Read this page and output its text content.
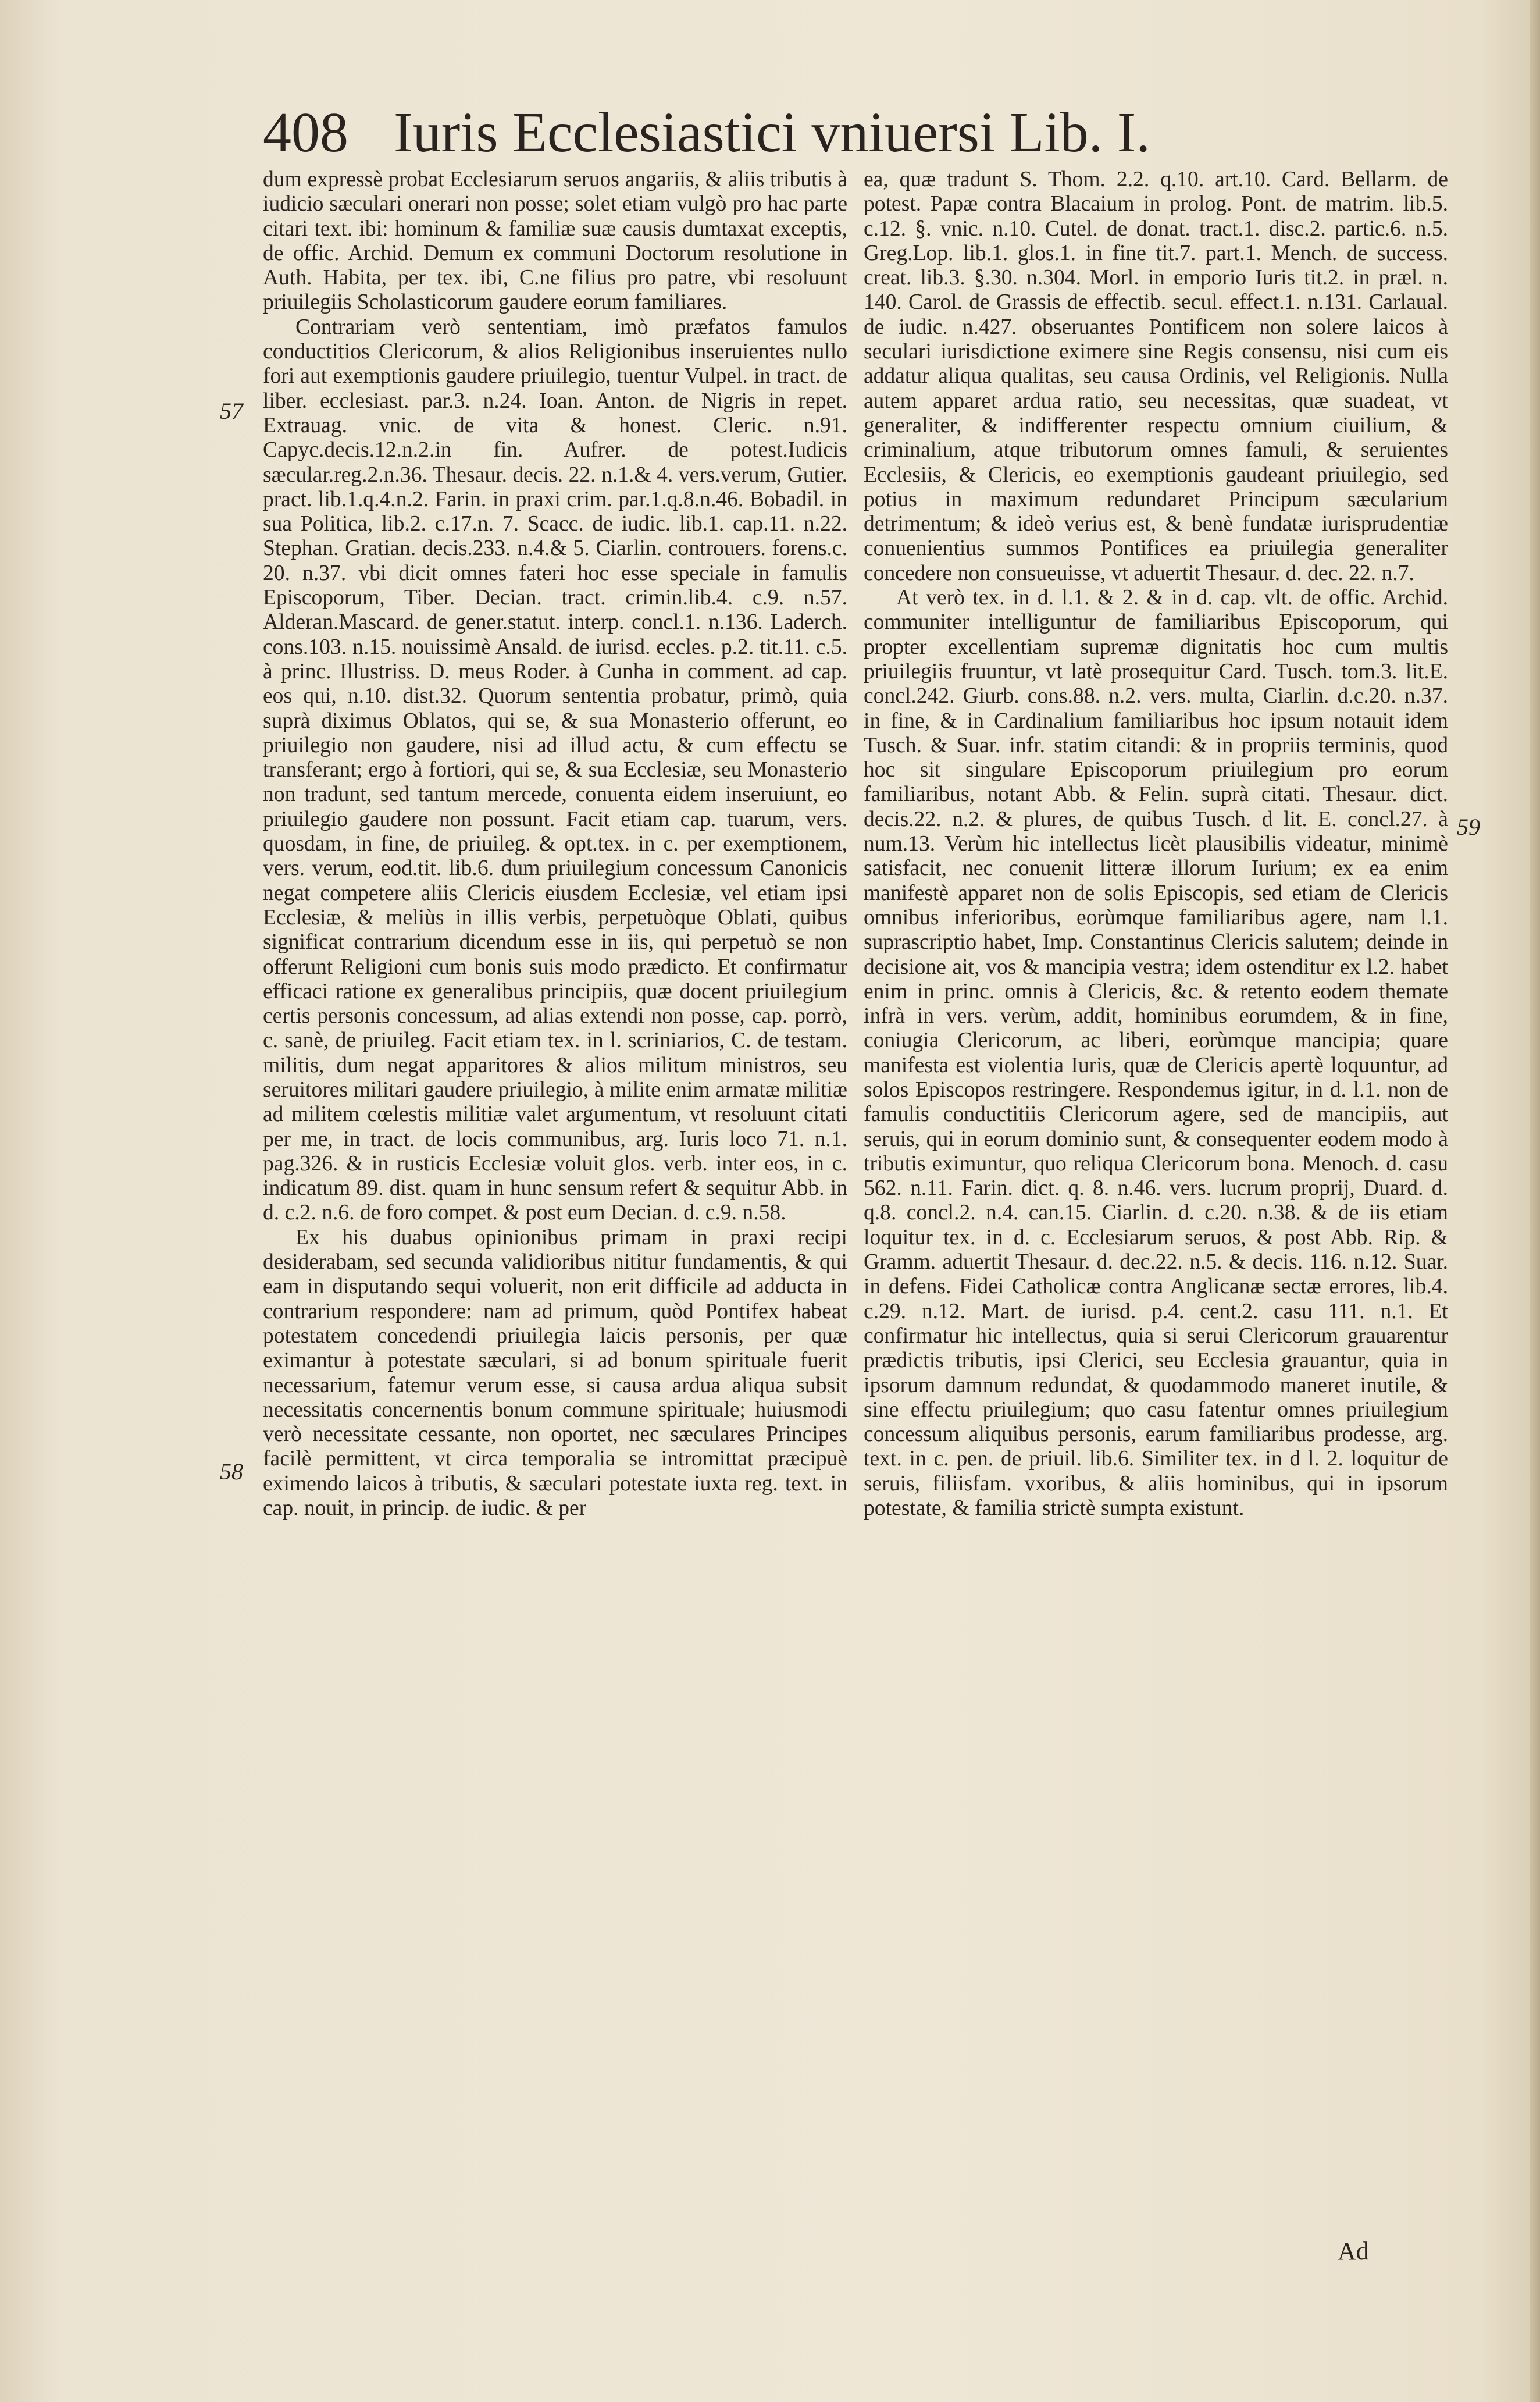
408 Iuris Ecclesiastici vniuersi Lib. I.

dum expressè probat Ecclesiarum seruos angariis, & aliis tributis à iudicio sæculari onerari non posse; solet etiam vulgò pro hac parte citari text. ibi: hominum & familiæ suæ causis dumtaxat exceptis, de offic. Archid. Demum ex communi Doctorum resolutione in Auth. Habita, per tex. ibi, C.ne filius pro patre, vbi resoluunt priuilegiis Scholasticorum gaudere eorum familiares.

Contrariam verò sententiam, imò præfatos famulos conductitios Clericorum, & alios Religionibus inseruientes nullo fori aut exemptionis gaudere priuilegio, tuentur Vulpel. in tract. de liber. ecclesiast. par.3. n.24. Ioan. Anton. de Nigris in repet. Extrauag. vnic. de vita & honest. Cleric. n.91. Capyc.decis.12.n.2.in fin. Aufrer. de potest.Iudicis sæcular.reg.2.n.36. Thesaur. decis. 22. n.1.& 4. vers.verum, Gutier. pract. lib.1.q.4.n.2. Farin. in praxi crim. par.1.q.8.n.46. Bobadil. in sua Politica, lib.2. c.17.n. 7. Scacc. de iudic. lib.1. cap.11. n.22. Stephan. Gratian. decis.233. n.4.& 5. Ciarlin. controuers. forens.c. 20. n.37. vbi dicit omnes fateri hoc esse speciale in famulis Episcoporum, Tiber. Decian. tract. crimin.lib.4. c.9. n.57. Alderan.Mascard. de gener.statut. interp. concl.1. n.136. Laderch. cons.103. n.15. nouissimè Ansald. de iurisd. eccles. p.2. tit.11. c.5. à princ. Illustriss. D. meus Roder. à Cunha in comment. ad cap. eos qui, n.10. dist.32. Quorum sententia probatur, primò, quia suprà diximus Oblatos, qui se, & sua Monasterio offerunt, eo priuilegio non gaudere, nisi ad illud actu, & cum effectu se transferant; ergo à fortiori, qui se, & sua Ecclesiæ, seu Monasterio non tradunt, sed tantum mercede, conuenta eidem inseruiunt, eo priuilegio gaudere non possunt. Facit etiam cap. tuarum, vers. quosdam, in fine, de priuileg. & opt.tex. in c. per exemptionem, vers. verum, eod.tit. lib.6. dum priuilegium concessum Canonicis negat competere aliis Clericis eiusdem Ecclesiæ, vel etiam ipsi Ecclesiæ, & meliùs in illis verbis, perpetuòque Oblati, quibus significat contrarium dicendum esse in iis, qui perpetuò se non offerunt Religioni cum bonis suis modo prædicto. Et confirmatur efficaci ratione ex generalibus principiis, quæ docent priuilegium certis personis concessum, ad alias extendi non posse, cap. porrò, c. sanè, de priuileg. Facit etiam tex. in l. scriniarios, C. de testam. militis, dum negat apparitores & alios militum ministros, seu seruitores militari gaudere priuilegio, à milite enim armatæ militiæ ad militem cœlestis militiæ valet argumentum, vt resoluunt citati per me, in tract. de locis communibus, arg. Iuris loco 71. n.1. pag.326. & in rusticis Ecclesiæ voluit glos. verb. inter eos, in c. indicatum 89. dist. quam in hunc sensum refert & sequitur Abb. in d. c.2. n.6. de foro compet. & post eum Decian. d. c.9. n.58.

Ex his duabus opinionibus primam in praxi recipi desiderabam, sed secunda validioribus nititur fundamentis, & qui eam in disputando sequi voluerit, non erit difficile ad adducta in contrarium respondere: nam ad primum, quòd Pontifex habeat potestatem concedendi priuilegia laicis personis, per quæ eximantur à potestate sæculari, si ad bonum spirituale fuerit necessarium, fatemur verum esse, si causa ardua aliqua subsit necessitatis concernentis bonum commune spirituale; huiusmodi verò necessitate cessante, non oportet, nec sæculares Principes facilè permittent, vt circa temporalia se intromittat præcipuè eximendo laicos à tributis, & sæculari potestate iuxta reg. text. in cap. nouit, in princip. de iudic. & per

ea, quæ tradunt S. Thom. 2.2. q.10. art.10. Card. Bellarm. de potest. Papæ contra Blacaium in prolog. Pont. de matrim. lib.5. c.12. §. vnic. n.10. Cutel. de donat. tract.1. disc.2. partic.6. n.5. Greg.Lop. lib.1. glos.1. in fine tit.7. part.1. Mench. de success. creat. lib.3. §.30. n.304. Morl. in emporio Iuris tit.2. in præl. n. 140. Carol. de Grassis de effectib. secul. effect.1. n.131. Carlaual. de iudic. n.427. obseruantes Pontificem non solere laicos à seculari iurisdictione eximere sine Regis consensu, nisi cum eis addatur aliqua qualitas, seu causa Ordinis, vel Religionis. Nulla autem apparet ardua ratio, seu necessitas, quæ suadeat, vt generaliter, & indifferenter respectu omnium ciuilium, & criminalium, atque tributorum omnes famuli, & seruientes Ecclesiis, & Clericis, eo exemptionis gaudeant priuilegio, sed potius in maximum redundaret Principum sæcularium detrimentum; & ideò verius est, & benè fundatæ iurisprudentiæ conuenientius summos Pontifices ea priuilegia generaliter concedere non consueuisse, vt aduertit Thesaur. d. dec. 22. n.7.

At verò tex. in d. l.1. & 2. & in d. cap. vlt. de offic. Archid. communiter intelliguntur de familiaribus Episcoporum, qui propter excellentiam supremæ dignitatis hoc cum multis priuilegiis fruuntur, vt latè prosequitur Card. Tusch. tom.3. lit.E. concl.242. Giurb. cons.88. n.2. vers. multa, Ciarlin. d.c.20. n.37. in fine, & in Cardinalium familiaribus hoc ipsum notauit idem Tusch. & Suar. infr. statim citandi: & in propriis terminis, quod hoc sit singulare Episcoporum priuilegium pro eorum familiaribus, notant Abb. & Felin. suprà citati. Thesaur. dict. decis.22. n.2. & plures, de quibus Tusch. d lit. E. concl.27. à num.13. Verùm hic intellectus licèt plausibilis videatur, minimè satisfacit, nec conuenit litteræ illorum Iurium; ex ea enim manifestè apparet non de solis Episcopis, sed etiam de Clericis omnibus inferioribus, eorùmque familiaribus agere, nam l.1. suprascriptio habet, Imp. Constantinus Clericis salutem; deinde in decisione ait, vos & mancipia vestra; idem ostenditur ex l.2. habet enim in princ. omnis à Clericis, &c. & retento eodem themate infrà in vers. verùm, addit, hominibus eorumdem, & in fine, coniugia Clericorum, ac liberi, eorùmque mancipia; quare manifesta est violentia Iuris, quæ de Clericis apertè loquuntur, ad solos Episcopos restringere. Respondemus igitur, in d. l.1. non de famulis conductitiis Clericorum agere, sed de mancipiis, aut seruis, qui in eorum dominio sunt, & consequenter eodem modo à tributis eximuntur, quo reliqua Clericorum bona. Menoch. d. casu 562. n.11. Farin. dict. q. 8. n.46. vers. lucrum proprij, Duard. d. q.8. concl.2. n.4. can.15. Ciarlin. d. c.20. n.38. & de iis etiam loquitur tex. in d. c. Ecclesiarum seruos, & post Abb. Rip. & Gramm. aduertit Thesaur. d. dec.22. n.5. & decis. 116. n.12. Suar. in defens. Fidei Catholicæ contra Anglicanæ sectæ errores, lib.4. c.29. n.12. Mart. de iurisd. p.4. cent.2. casu 111. n.1. Et confirmatur hic intellectus, quia si serui Clericorum grauarentur prædictis tributis, ipsi Clerici, seu Ecclesia grauantur, quia in ipsorum damnum redundat, & quodammodo maneret inutile, & sine effectu priuilegium; quo casu fatentur omnes priuilegium concessum aliquibus personis, earum familiaribus prodesse, arg. text. in c. pen. de priuil. lib.6. Similiter tex. in d l. 2. loquitur de seruis, filiisfam. vxoribus, & aliis hominibus, qui in ipsorum potestate, & familia strictè sumpta existunt.

57
58
59
Ad
